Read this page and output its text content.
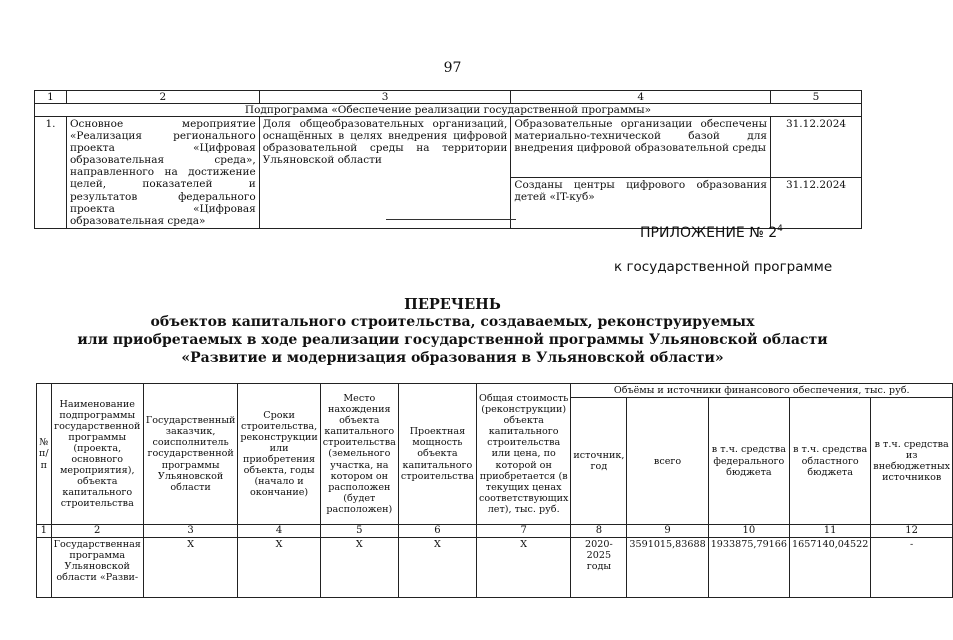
97
1	2	3	4	5
Подпрограмма «Обеспечение реализации государственной программы»				
1.	Основное мероприятие «Реализация регионального проекта «Цифровая образовательная среда», направленного на достижение целей, показателей и результатов федерального проекта «Цифровая образовательная среда»	Доля общеобразовательных организаций, оснащённых в целях внедрения цифровой образовательной среды на территории Ульяновской области	Образовательные организации обеспечены материально-технической базой для внедрения цифровой образовательной среды	31.12.2024
			Созданы центры цифрового образования детей «IT-куб»	31.12.2024
ПРИЛОЖЕНИЕ № $2^4$
к государственной программе
ПЕРЕЧЕНЬ
объектов капитального строительства, создаваемых, реконструируемых
или приобретаемых в ходе реализации государственной программы Ульяновской области
«Развитие и модернизация образования в Ульяновской области»
№ п/п	Наименование подпрограммы государственной программы (проекта, основного мероприятия), объекта капитального строительства	Государственный заказчик, соисполнитель государственной программы Ульяновской области	Сроки строительства, реконструкции или приобретения объекта, годы (начало и окончание)	Место нахождения объекта капитального строительства (земельного участка, на котором он расположен (будет расположен)	Проектная мощность объекта капитального строительства	Общая стоимость (реконструкции) объекта капитального строительства или цена, по которой он приобретается (в текущих ценах соответствующих лет), тыс. руб.	Объёмы и источники финансового обеспечения, тыс. руб.				
							источник, год	всего	в т.ч. средства федерального бюджета	в т.ч. средства областного бюджета	в т.ч. средства из внебюджетных источников
1	2	3	4	5	6	7	8	9	10	11	12
	Государственная программа Ульяновской области «Разви-	X	X	X	X	X	2020-2025 годы	3591015,83688	1933875,79166	1657140,04522	-
